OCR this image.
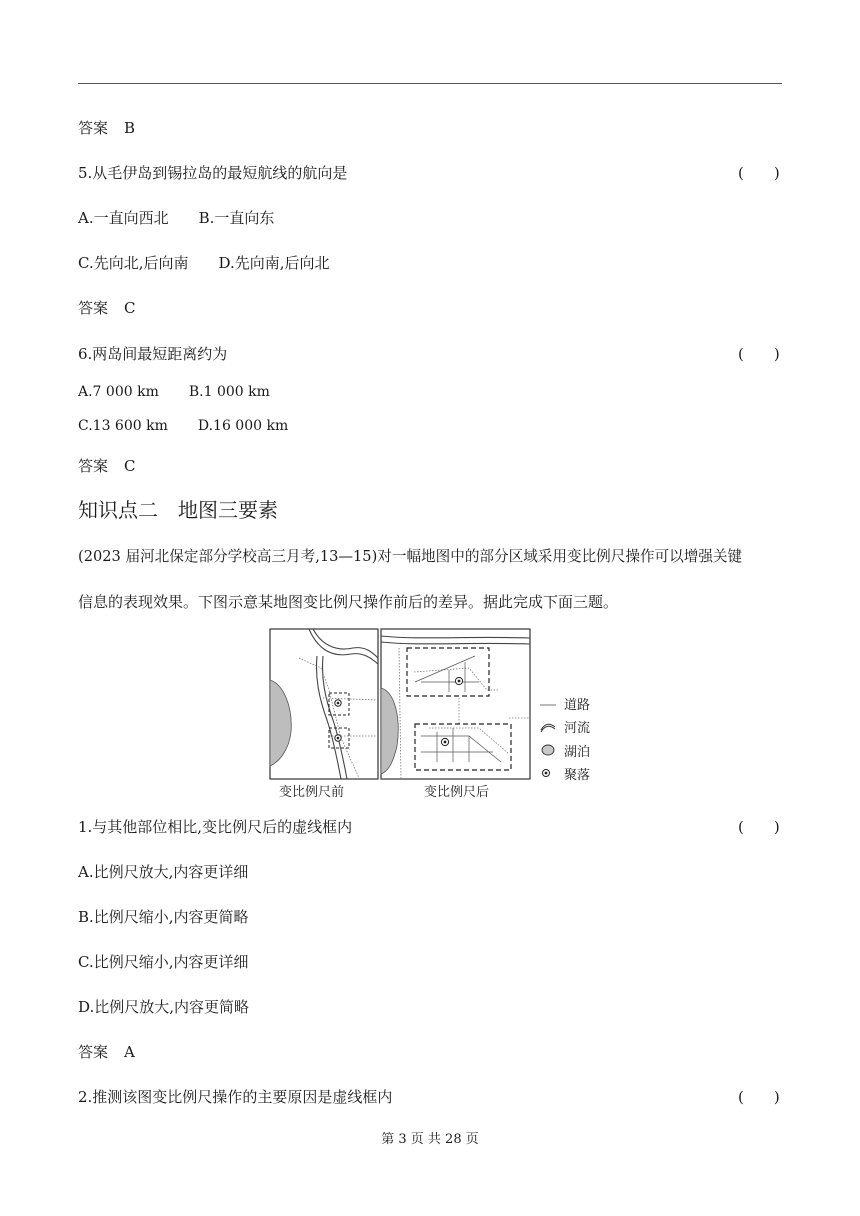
答案 B
5.从毛伊岛到锡拉岛的最短航线的航向是	(　　)
A.一直向西北 B.一直向东
C.先向北,后向南 D.先向南,后向北
答案 C
6.两岛间最短距离约为	(　　)
A.7 000 km B.1 000 km
C.13 600 km D.16 000 km
答案 C
知识点二 地图三要素
(2023 届河北保定部分学校高三月考,13—15)对一幅地图中的部分区域采用变比例尺操作可以增强关键
信息的表现效果。下图示意某地图变比例尺操作前后的差异。据此完成下面三题。
变比例尺前	变比例尺后
道路
河流
湖泊
聚落
1.与其他部位相比,变比例尺后的虚线框内	(　　)
A.比例尺放大,内容更详细
B.比例尺缩小,内容更简略
C.比例尺缩小,内容更详细
D.比例尺放大,内容更简略
答案 A
2.推测该图变比例尺操作的主要原因是虚线框内	(　　)
第 3 页 共 28 页
